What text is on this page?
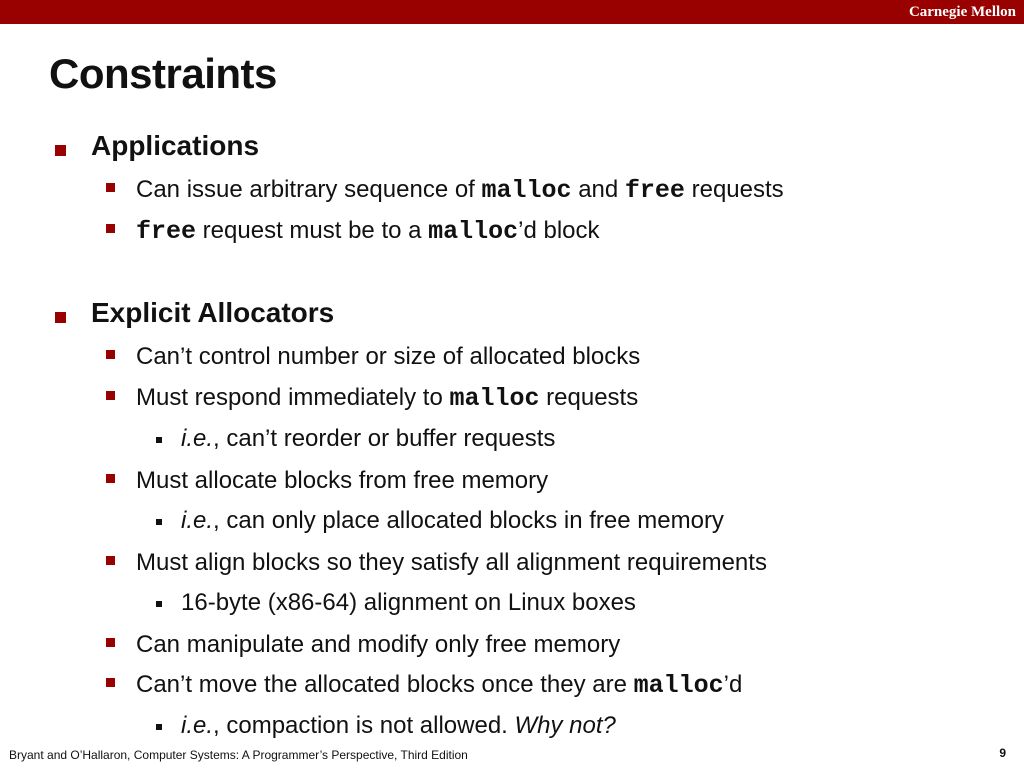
Carnegie Mellon
Constraints
Applications
Can issue arbitrary sequence of malloc and free requests
free request must be to a malloc’d block
Explicit Allocators
Can’t control number or size of allocated blocks
Must respond immediately to malloc requests
i.e., can’t reorder or buffer requests
Must allocate blocks from free memory
i.e., can only place allocated blocks in free memory
Must align blocks so they satisfy all alignment requirements
16-byte (x86-64) alignment on Linux boxes
Can manipulate and modify only free memory
Can’t move the allocated blocks once they are malloc’d
i.e., compaction is not allowed. Why not?
Bryant and O’Hallaron, Computer Systems: A Programmer’s Perspective, Third Edition	9
